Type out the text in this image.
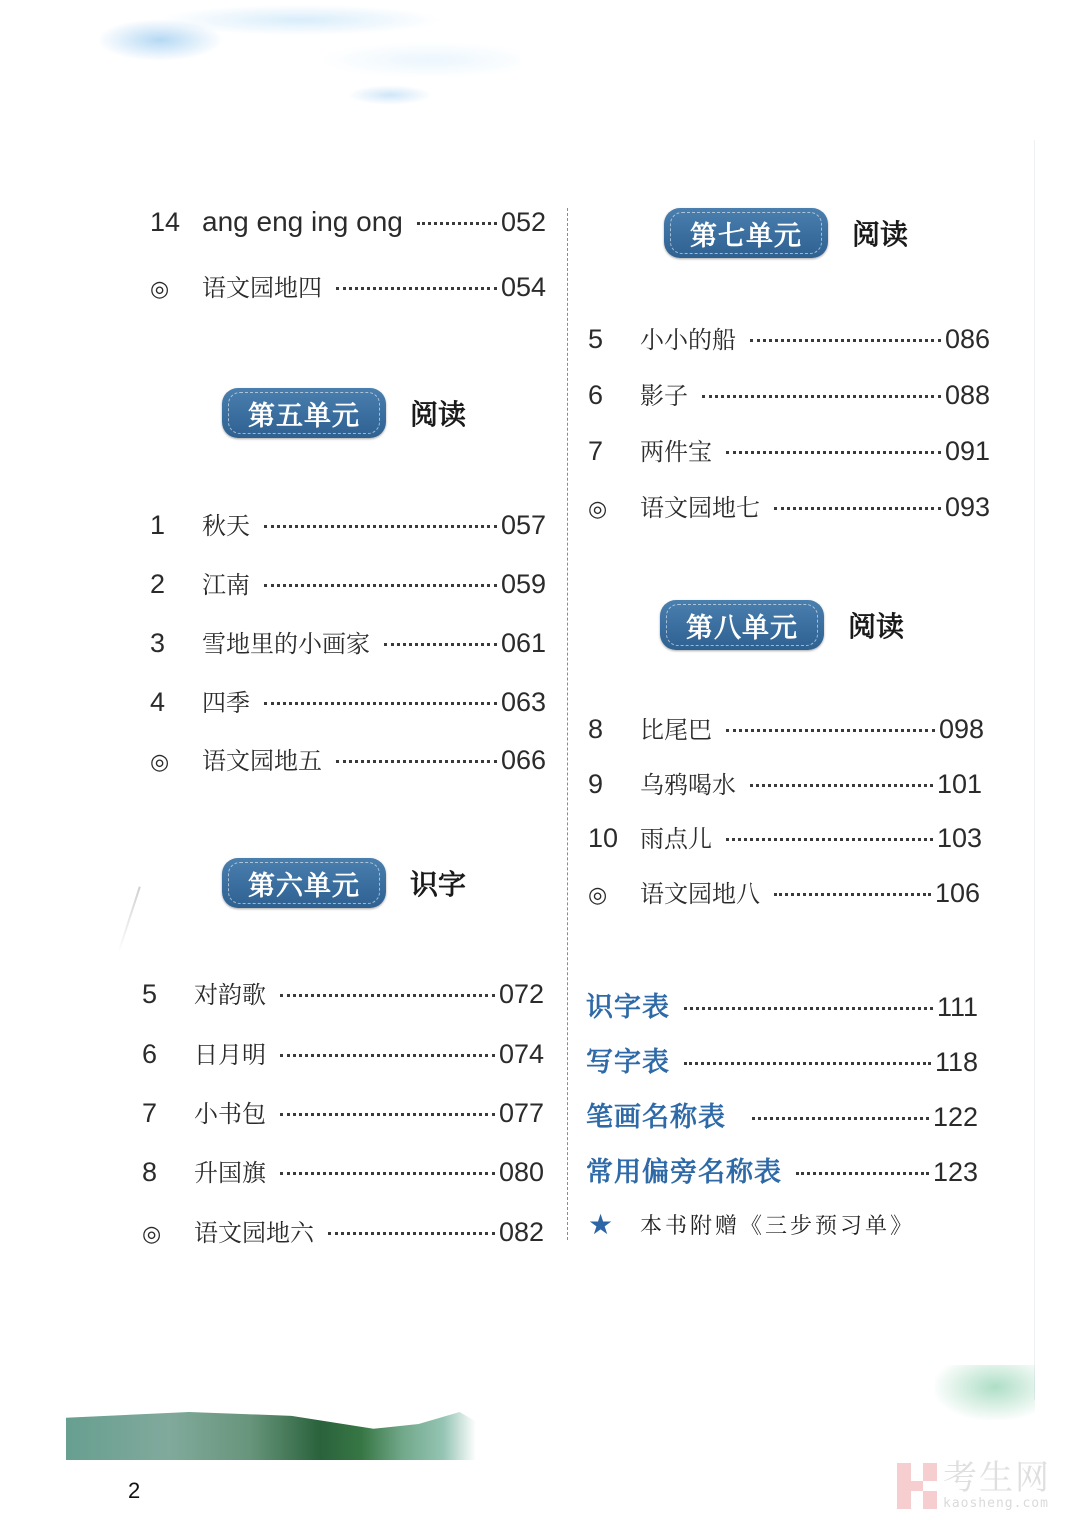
14 ang eng ing ong	052
◎	语文园地四	054
第五单元	阅读
1	秋天	057
2	江南	059
3	雪地里的小画家	061
4	四季	063
◎	语文园地五	066
第六单元	识字
5	对韵歌	072
6	日月明	074
7	小书包	077
8	升国旗	080
◎	语文园地六	082
第七单元	阅读
5	小小的船	086
6	影子	088
7	两件宝	091
◎	语文园地七	093
第八单元	阅读
8	比尾巴	098
9	乌鸦喝水	101
10 雨点儿	103
◎	语文园地八	106
识字表	111
写字表	118
笔画名称表	122
常用偏旁名称表	123
★	本书附赠《三步预习单》
2	考生网
kaosheng.com
